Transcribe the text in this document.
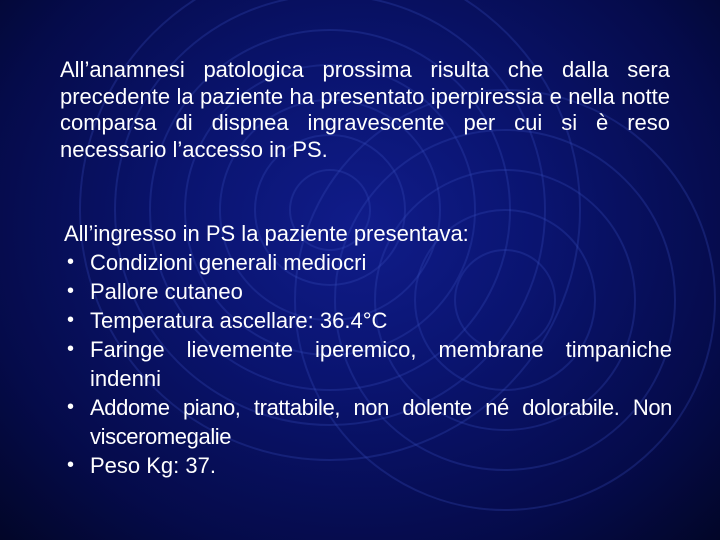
All’anamnesi patologica prossima risulta che dalla sera precedente la paziente ha presentato iperpiressia e nella notte comparsa di dispnea ingravescente per cui si è reso necessario l’accesso in PS.

All’ingresso in PS la paziente presentava:

• Condizioni generali mediocri
• Pallore cutaneo
• Temperatura ascellare: 36.4°C
• Faringe lievemente iperemico, membrane timpaniche indenni
• Addome piano, trattabile, non dolente né dolorabile. Non visceromegalie
• Peso Kg: 37.
